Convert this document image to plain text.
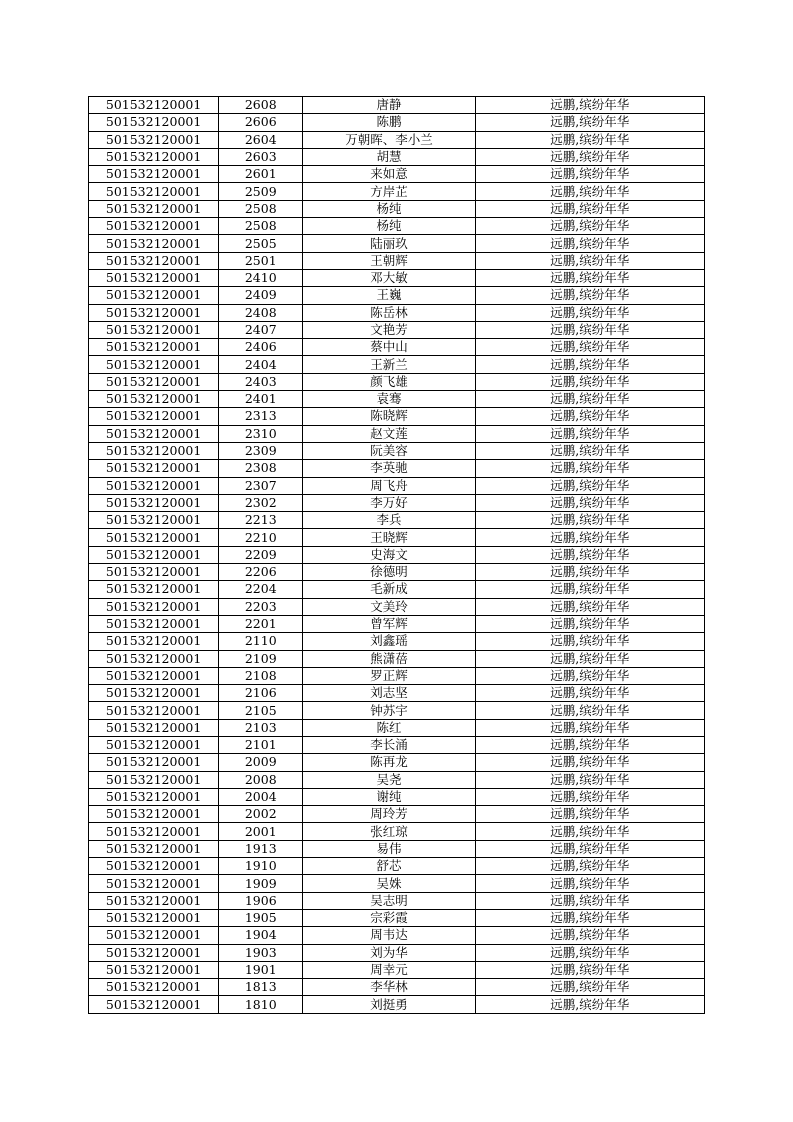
501532120001	2608	唐静	远鹏,缤纷年华
501532120001	2606	陈鹏	远鹏,缤纷年华
501532120001	2604	万朝晖、李小兰	远鹏,缤纷年华
501532120001	2603	胡慧	远鹏,缤纷年华
501532120001	2601	来如意	远鹏,缤纷年华
501532120001	2509	方岸芷	远鹏,缤纷年华
501532120001	2508	杨纯	远鹏,缤纷年华
501532120001	2508	杨纯	远鹏,缤纷年华
501532120001	2505	陆丽玖	远鹏,缤纷年华
501532120001	2501	王朝辉	远鹏,缤纷年华
501532120001	2410	邓大敏	远鹏,缤纷年华
501532120001	2409	王巍	远鹏,缤纷年华
501532120001	2408	陈岳林	远鹏,缤纷年华
501532120001	2407	文艳芳	远鹏,缤纷年华
501532120001	2406	蔡中山	远鹏,缤纷年华
501532120001	2404	王新兰	远鹏,缤纷年华
501532120001	2403	颜飞雄	远鹏,缤纷年华
501532120001	2401	袁骞	远鹏,缤纷年华
501532120001	2313	陈晓辉	远鹏,缤纷年华
501532120001	2310	赵文莲	远鹏,缤纷年华
501532120001	2309	阮美容	远鹏,缤纷年华
501532120001	2308	李英驰	远鹏,缤纷年华
501532120001	2307	周飞舟	远鹏,缤纷年华
501532120001	2302	李万好	远鹏,缤纷年华
501532120001	2213	李兵	远鹏,缤纷年华
501532120001	2210	王晓辉	远鹏,缤纷年华
501532120001	2209	史海文	远鹏,缤纷年华
501532120001	2206	徐德明	远鹏,缤纷年华
501532120001	2204	毛新成	远鹏,缤纷年华
501532120001	2203	文美玲	远鹏,缤纷年华
501532120001	2201	曾军辉	远鹏,缤纷年华
501532120001	2110	刘鑫瑶	远鹏,缤纷年华
501532120001	2109	熊潇蓓	远鹏,缤纷年华
501532120001	2108	罗正辉	远鹏,缤纷年华
501532120001	2106	刘志坚	远鹏,缤纷年华
501532120001	2105	钟苏宇	远鹏,缤纷年华
501532120001	2103	陈红	远鹏,缤纷年华
501532120001	2101	李长涌	远鹏,缤纷年华
501532120001	2009	陈再龙	远鹏,缤纷年华
501532120001	2008	吴尧	远鹏,缤纷年华
501532120001	2004	谢纯	远鹏,缤纷年华
501532120001	2002	周玲芳	远鹏,缤纷年华
501532120001	2001	张红琼	远鹏,缤纷年华
501532120001	1913	易伟	远鹏,缤纷年华
501532120001	1910	舒芯	远鹏,缤纷年华
501532120001	1909	吴姝	远鹏,缤纷年华
501532120001	1906	吴志明	远鹏,缤纷年华
501532120001	1905	宗彩霞	远鹏,缤纷年华
501532120001	1904	周韦达	远鹏,缤纷年华
501532120001	1903	刘为华	远鹏,缤纷年华
501532120001	1901	周幸元	远鹏,缤纷年华
501532120001	1813	李华林	远鹏,缤纷年华
501532120001	1810	刘挺勇	远鹏,缤纷年华
